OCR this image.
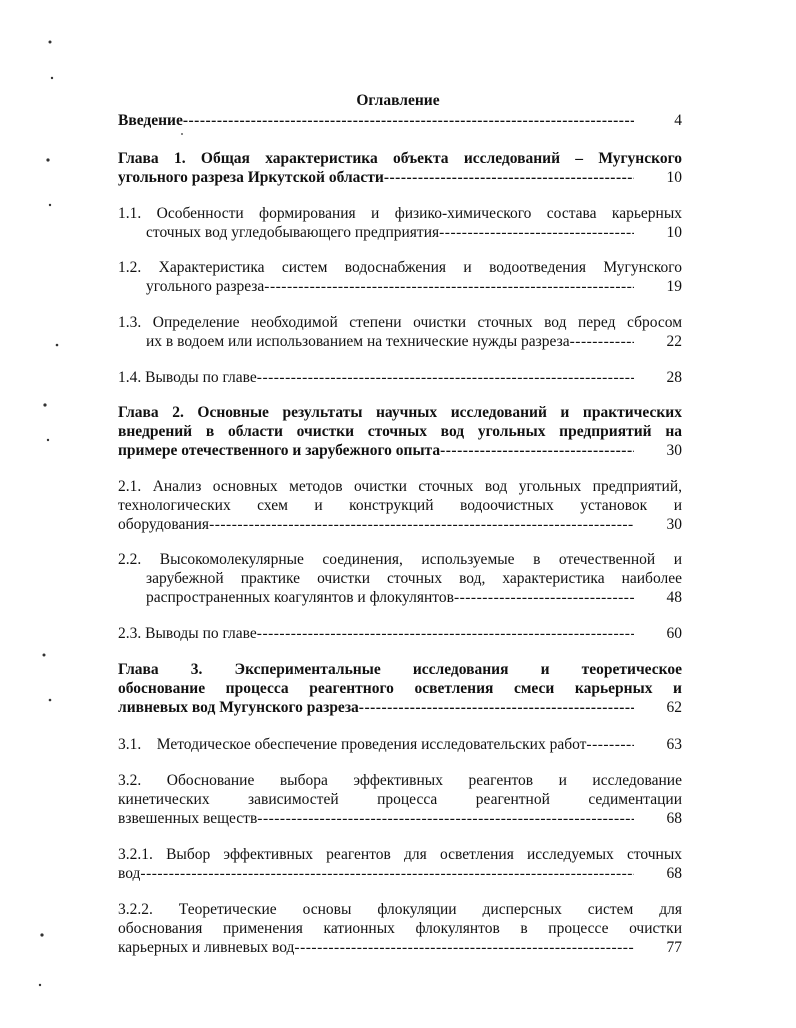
Оглавление
Введение -----	4
Глава 1. Общая характеристика объекта исследований – Мугунского
угольного разреза Иркутской области -----	10
1.1. Особенности формирования и физико-химического состава карьерных
сточных вод угледобывающего предприятия -----	10
1.2. Характеристика систем водоснабжения и водоотведения Мугунского
угольного разреза -----	19
1.3. Определение необходимой степени очистки сточных вод перед сбросом
их в водоем или использованием на технические нужды разреза -----	22
1.4. Выводы по главе -----	28
Глава 2. Основные результаты научных исследований и практических
внедрений в области очистки сточных вод угольных предприятий на
примере отечественного и зарубежного опыта -----	30
2.1. Анализ основных методов очистки сточных вод угольных предприятий,
технологических схем и конструкций водоочистных установок и
оборудования -----	30
2.2. Высокомолекулярные соединения, используемые в отечественной и
зарубежной практике очистки сточных вод, характеристика наиболее
распространенных коагулянтов и флокулянтов -----	48
2.3. Выводы по главе -----	60
Глава 3. Экспериментальные исследования и теоретическое
обоснование процесса реагентного осветления смеси карьерных и
ливневых вод Мугунского разреза -----	62
3.1.    Методическое обеспечение проведения исследовательских работ -----	63
3.2. Обоснование выбора эффективных реагентов и исследование
кинетических зависимостей процесса реагентной седиментации
взвешенных веществ -----	68
3.2.1. Выбор эффективных реагентов для осветления исследуемых сточных
вод -----	68
3.2.2. Теоретические основы флокуляции дисперсных систем для
обоснования применения катионных флокулянтов в процессе очистки
карьерных и ливневых вод -----	77
